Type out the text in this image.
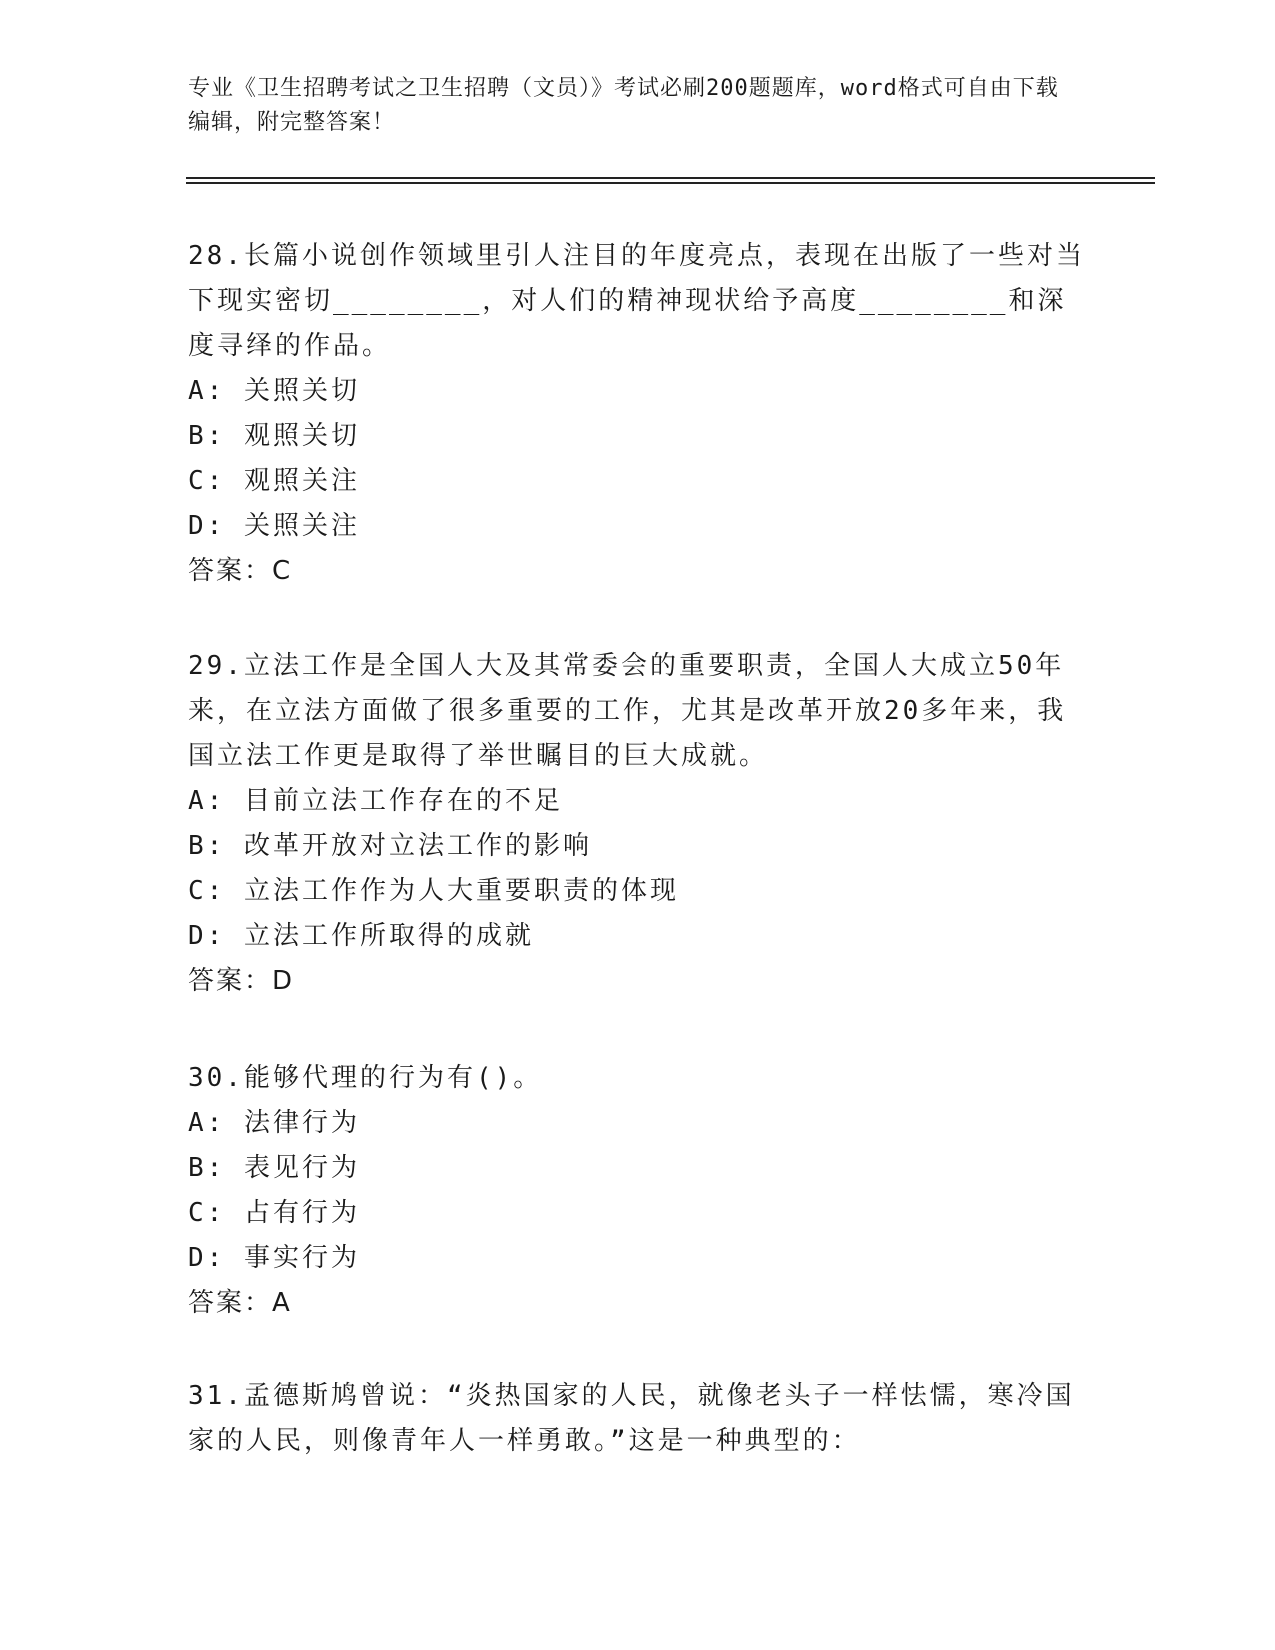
专业《卫生招聘考试之卫生招聘（文员）》考试必刷200题题库，word格式可自由下载编辑，附完整答案！
28.长篇小说创作领域里引人注目的年度亮点，表现在出版了一些对当下现实密切________，对人们的精神现状给予高度________和深度寻绎的作品。
A: 关照关切
B: 观照关切
C: 观照关注
D: 关照关注
答案：C
29.立法工作是全国人大及其常委会的重要职责，全国人大成立50年来，在立法方面做了很多重要的工作，尤其是改革开放20多年来，我国立法工作更是取得了举世瞩目的巨大成就。
A: 目前立法工作存在的不足
B: 改革开放对立法工作的影响
C: 立法工作作为人大重要职责的体现
D: 立法工作所取得的成就
答案：D
30.能够代理的行为有()。
A: 法律行为
B: 表见行为
C: 占有行为
D: 事实行为
答案：A
31.孟德斯鸠曾说：“炎热国家的人民，就像老头子一样怯懦，寒冷国家的人民，则像青年人一样勇敢。”这是一种典型的：
